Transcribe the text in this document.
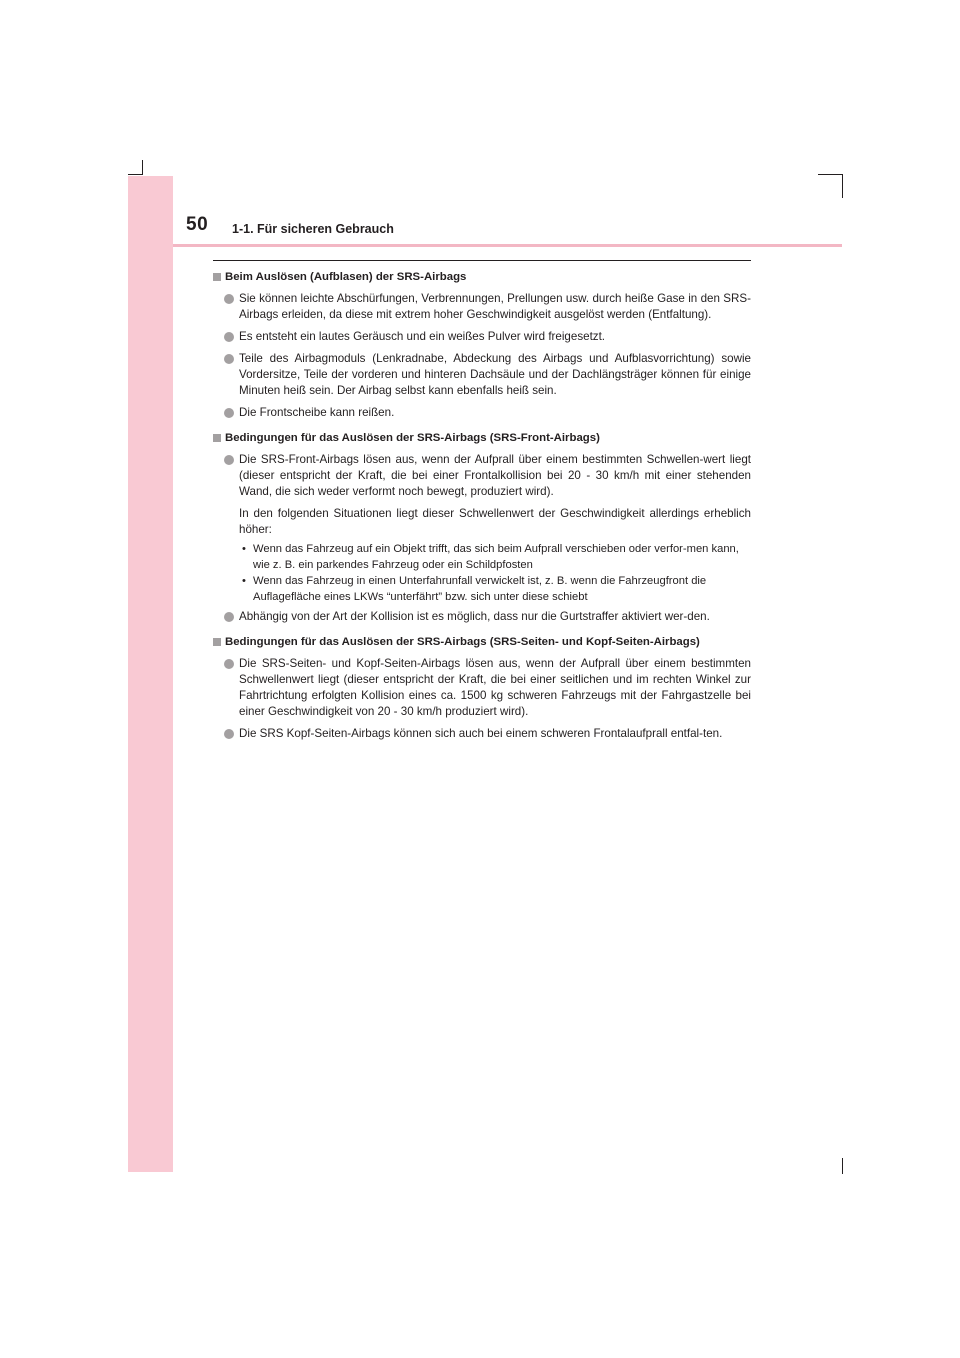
50 1-1. Für sicheren Gebrauch
Beim Auslösen (Aufblasen) der SRS-Airbags
Sie können leichte Abschürfungen, Verbrennungen, Prellungen usw. durch heiße Gase in den SRS-Airbags erleiden, da diese mit extrem hoher Geschwindigkeit ausgelöst werden (Entfaltung).
Es entsteht ein lautes Geräusch und ein weißes Pulver wird freigesetzt.
Teile des Airbagmoduls (Lenkradnabe, Abdeckung des Airbags und Aufblasvorrichtung) sowie Vordersitze, Teile der vorderen und hinteren Dachsäule und der Dachlängsträger können für einige Minuten heiß sein. Der Airbag selbst kann ebenfalls heiß sein.
Die Frontscheibe kann reißen.
Bedingungen für das Auslösen der SRS-Airbags (SRS-Front-Airbags)
Die SRS-Front-Airbags lösen aus, wenn der Aufprall über einem bestimmten Schwellen-wert liegt (dieser entspricht der Kraft, die bei einer Frontalkollision bei 20 - 30 km/h mit einer stehenden Wand, die sich weder verformt noch bewegt, produziert wird).
In den folgenden Situationen liegt dieser Schwellenwert der Geschwindigkeit allerdings erheblich höher:
• Wenn das Fahrzeug auf ein Objekt trifft, das sich beim Aufprall verschieben oder verfor-men kann, wie z. B. ein parkendes Fahrzeug oder ein Schildpfosten
• Wenn das Fahrzeug in einen Unterfahrunfall verwickelt ist, z. B. wenn die Fahrzeugfront die Auflagefläche eines LKWs “unterfährt” bzw. sich unter diese schiebt
Abhängig von der Art der Kollision ist es möglich, dass nur die Gurtstraffer aktiviert wer-den.
Bedingungen für das Auslösen der SRS-Airbags (SRS-Seiten- und Kopf-Seiten-Airbags)
Die SRS-Seiten- und Kopf-Seiten-Airbags lösen aus, wenn der Aufprall über einem bestimmten Schwellenwert liegt (dieser entspricht der Kraft, die bei einer seitlichen und im rechten Winkel zur Fahrtrichtung erfolgten Kollision eines ca. 1500 kg schweren Fahrzeugs mit der Fahrgastzelle bei einer Geschwindigkeit von 20 - 30 km/h produziert wird).
Die SRS Kopf-Seiten-Airbags können sich auch bei einem schweren Frontalaufprall entfal-ten.
